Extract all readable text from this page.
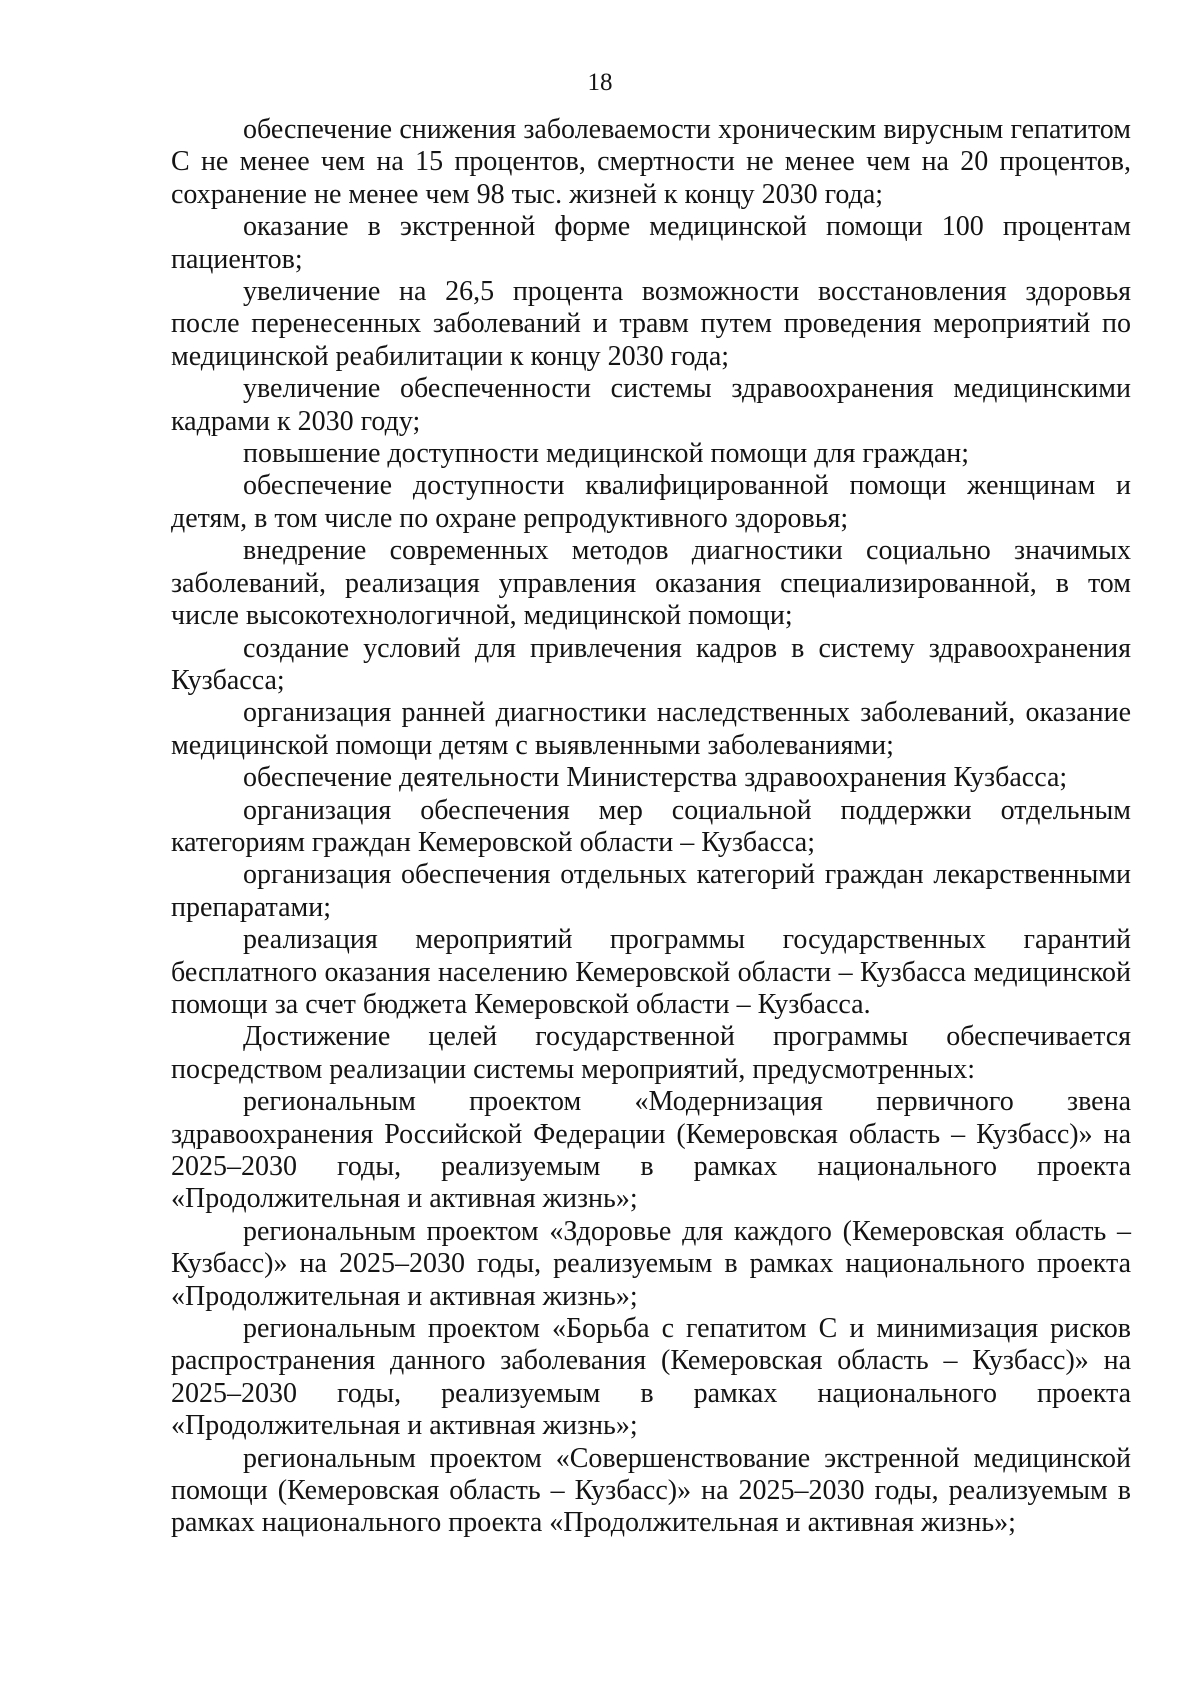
18

обеспечение снижения заболеваемости хроническим вирусным гепатитом С не менее чем на 15 процентов, смертности не менее чем на 20 процентов, сохранение не менее чем 98 тыс. жизней к концу 2030 года;

оказание в экстренной форме медицинской помощи 100 процентам пациентов;

увеличение на 26,5 процента возможности восстановления здоровья после перенесенных заболеваний и травм путем проведения мероприятий по медицинской реабилитации к концу 2030 года;

увеличение обеспеченности системы здравоохранения медицинскими кадрами к 2030 году;

повышение доступности медицинской помощи для граждан;

обеспечение доступности квалифицированной помощи женщинам и детям, в том числе по охране репродуктивного здоровья;

внедрение современных методов диагностики социально значимых заболеваний, реализация управления оказания специализированной, в том числе высокотехнологичной, медицинской помощи;

создание условий для привлечения кадров в систему здравоохранения Кузбасса;

организация ранней диагностики наследственных заболеваний, оказание медицинской помощи детям с выявленными заболеваниями;

обеспечение деятельности Министерства здравоохранения Кузбасса;

организация обеспечения мер социальной поддержки отдельным категориям граждан Кемеровской области – Кузбасса;

организация обеспечения отдельных категорий граждан лекарственными препаратами;

реализация мероприятий программы государственных гарантий бесплатного оказания населению Кемеровской области – Кузбасса медицинской помощи за счет бюджета Кемеровской области – Кузбасса.

Достижение целей государственной программы обеспечивается посредством реализации системы мероприятий, предусмотренных:

региональным проектом «Модернизация первичного звена здравоохранения Российской Федерации (Кемеровская область – Кузбасс)» на 2025–2030 годы, реализуемым в рамках национального проекта «Продолжительная и активная жизнь»;

региональным проектом «Здоровье для каждого (Кемеровская область – Кузбасс)» на 2025–2030 годы, реализуемым в рамках национального проекта «Продолжительная и активная жизнь»;

региональным проектом «Борьба с гепатитом С и минимизация рисков распространения данного заболевания (Кемеровская область – Кузбасс)» на 2025–2030 годы, реализуемым в рамках национального проекта «Продолжительная и активная жизнь»;

региональным проектом «Совершенствование экстренной медицинской помощи (Кемеровская область – Кузбасс)» на 2025–2030 годы, реализуемым в рамках национального проекта «Продолжительная и активная жизнь»;
